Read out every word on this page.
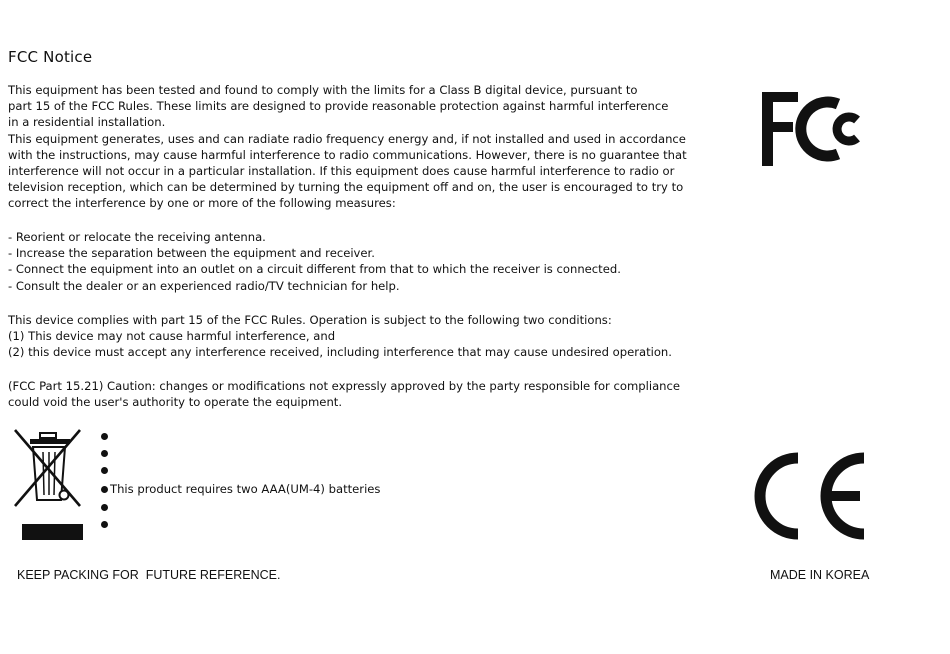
FCC Notice
This equipment has been tested and found to comply with the limits for a Class B digital device, pursuant to
part 15 of the FCC Rules. These limits are designed to provide reasonable protection against harmful interference
in a residential installation.
This equipment generates, uses and can radiate radio frequency energy and, if not installed and used in accordance
with the instructions, may cause harmful interference to radio communications. However, there is no guarantee that
interference will not occur in a particular installation. If this equipment does cause harmful interference to radio or
television reception, which can be determined by turning the equipment off and on, the user is encouraged to try to
correct the interference by one or more of the following measures:
- Reorient or relocate the receiving antenna.
- Increase the separation between the equipment and receiver.
- Connect the equipment into an outlet on a circuit different from that to which the receiver is connected.
- Consult the dealer or an experienced radio/TV technician for help.
This device complies with part 15 of the FCC Rules. Operation is subject to the following two conditions:
(1) This device may not cause harmful interference, and
(2) this device must accept any interference received, including interference that may cause undesired operation.
(FCC Part 15.21) Caution: changes or modifications not expressly approved by the party responsible for compliance
could void the user's authority to operate the equipment.
This product requires two AAA(UM-4) batteries
KEEP PACKING FOR  FUTURE REFERENCE.	MADE IN KOREA
